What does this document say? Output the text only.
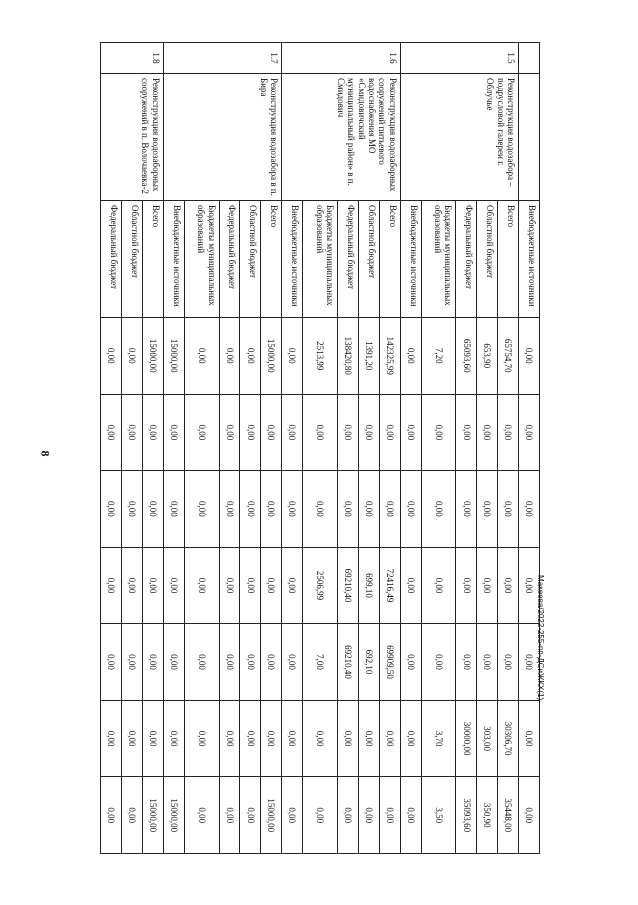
8
		Внебюджетные источники	0,00	0,00	0,00	0,00	0,00	0,00	0,00
1.5	Реконструкция водозабора – подрусловой галереи г. Облучье	Всего	65754,70	0,00	0,00	0,00	0,00	30306,70	35448,00
		Областной бюджет	653,90	0,00	0,00	0,00	0,00	303,00	350,90
		Федеральный бюджет	65093,60	0,00	0,00	0,00	0,00	30000,00	35093,60
		Бюджеты муниципальных образований	7,20	0,00	0,00	0,00	0,00	3,70	3,50
		Внебюджетные источники	0,00	0,00	0,00	0,00	0,00	0,00	0,00
1.6	Реконструкция водозаборных сооружений питьевого водоснабжения МО «Смидовичский муниципальный район» в п. Смидович	Всего	142325,99	0,00	0,00	72416,49	69909,50	0,00	0,00
		Областной бюджет	1391,20	0,00	0,00	699,10	692,10	0,00	0,00
		Федеральный бюджет	138420,80	0,00	0,00	69210,40	69210,40	0,00	0,00
		Бюджеты муниципальных образований	2513,99	0,00	0,00	2506,99	7,00	0,00	0,00
		Внебюджетные источники	0,00	0,00	0,00	0,00	0,00	0,00	0,00
1.7	Реконструкция водозабора в п. Бира	Всего	15000,00	0,00	0,00	0,00	0,00	0,00	15000,00
		Областной бюджет	0,00	0,00	0,00	0,00	0,00	0,00	0,00
		Федеральный бюджет	0,00	0,00	0,00	0,00	0,00	0,00	0,00
		Бюджеты муниципальных образований	0,00	0,00	0,00	0,00	0,00	0,00	0,00
		Внебюджетные источники	15000,00	0,00	0,00	0,00	0,00	0,00	15000,00
1.8	Реконструкция водозаборных сооружений в п. Волочаевка-2	Всего	15000,00	0,00	0,00	0,00	0,00	0,00	15000,00
		Областной бюджет	0,00	0,00	0,00	0,00	0,00	0,00	0,00
		Федеральный бюджет	0,00	0,00	0,00	0,00	0,00	0,00	0,00
Макеева/2022-255-пп-ДСиЖКХ(1)
